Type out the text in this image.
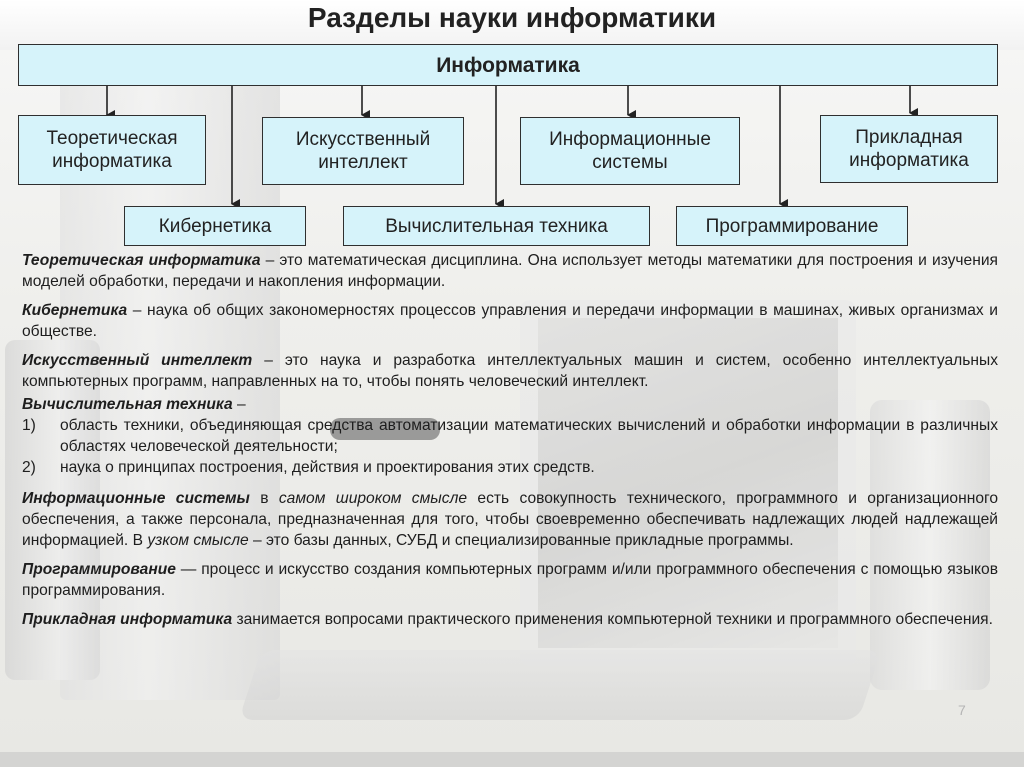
Разделы науки информатики
Информатика
Теоретическая
информатика
Искусственный
интеллект
Информационные
системы
Прикладная
информатика
Кибернетика	Вычислительная техника	Программирование

Теоретическая информатика – это математическая дисциплина. Она использует методы математики для построения и изучения моделей обработки, передачи и накопления информации.

Кибернетика – наука об общих закономерностях процессов управления и передачи информации в машинах, живых организмах и обществе.

Искусственный интеллект – это наука и разработка интеллектуальных машин и систем, особенно интеллектуальных компьютерных программ, направленных на то, чтобы понять человеческий интеллект.

Вычислительная техника –

1)	область техники, объединяющая средства автоматизации математических вычислений и обработки информации в различных областях человеческой деятельности;
2)	наука о принципах построения, действия и проектирования этих средств.

Информационные системы в самом широком смысле есть совокупность технического, программного и организационного обеспечения, а также персонала, предназначенная для того, чтобы своевременно обеспечивать надлежащих людей надлежащей информацией. В узком смысле – это базы данных, СУБД и специализированные прикладные программы.

Программирование — процесс и искусство создания компьютерных программ и/или программного обеспечения с помощью языков программирования.

Прикладная информатика занимается вопросами практического применения компьютерной техники и программного обеспечения.

7
